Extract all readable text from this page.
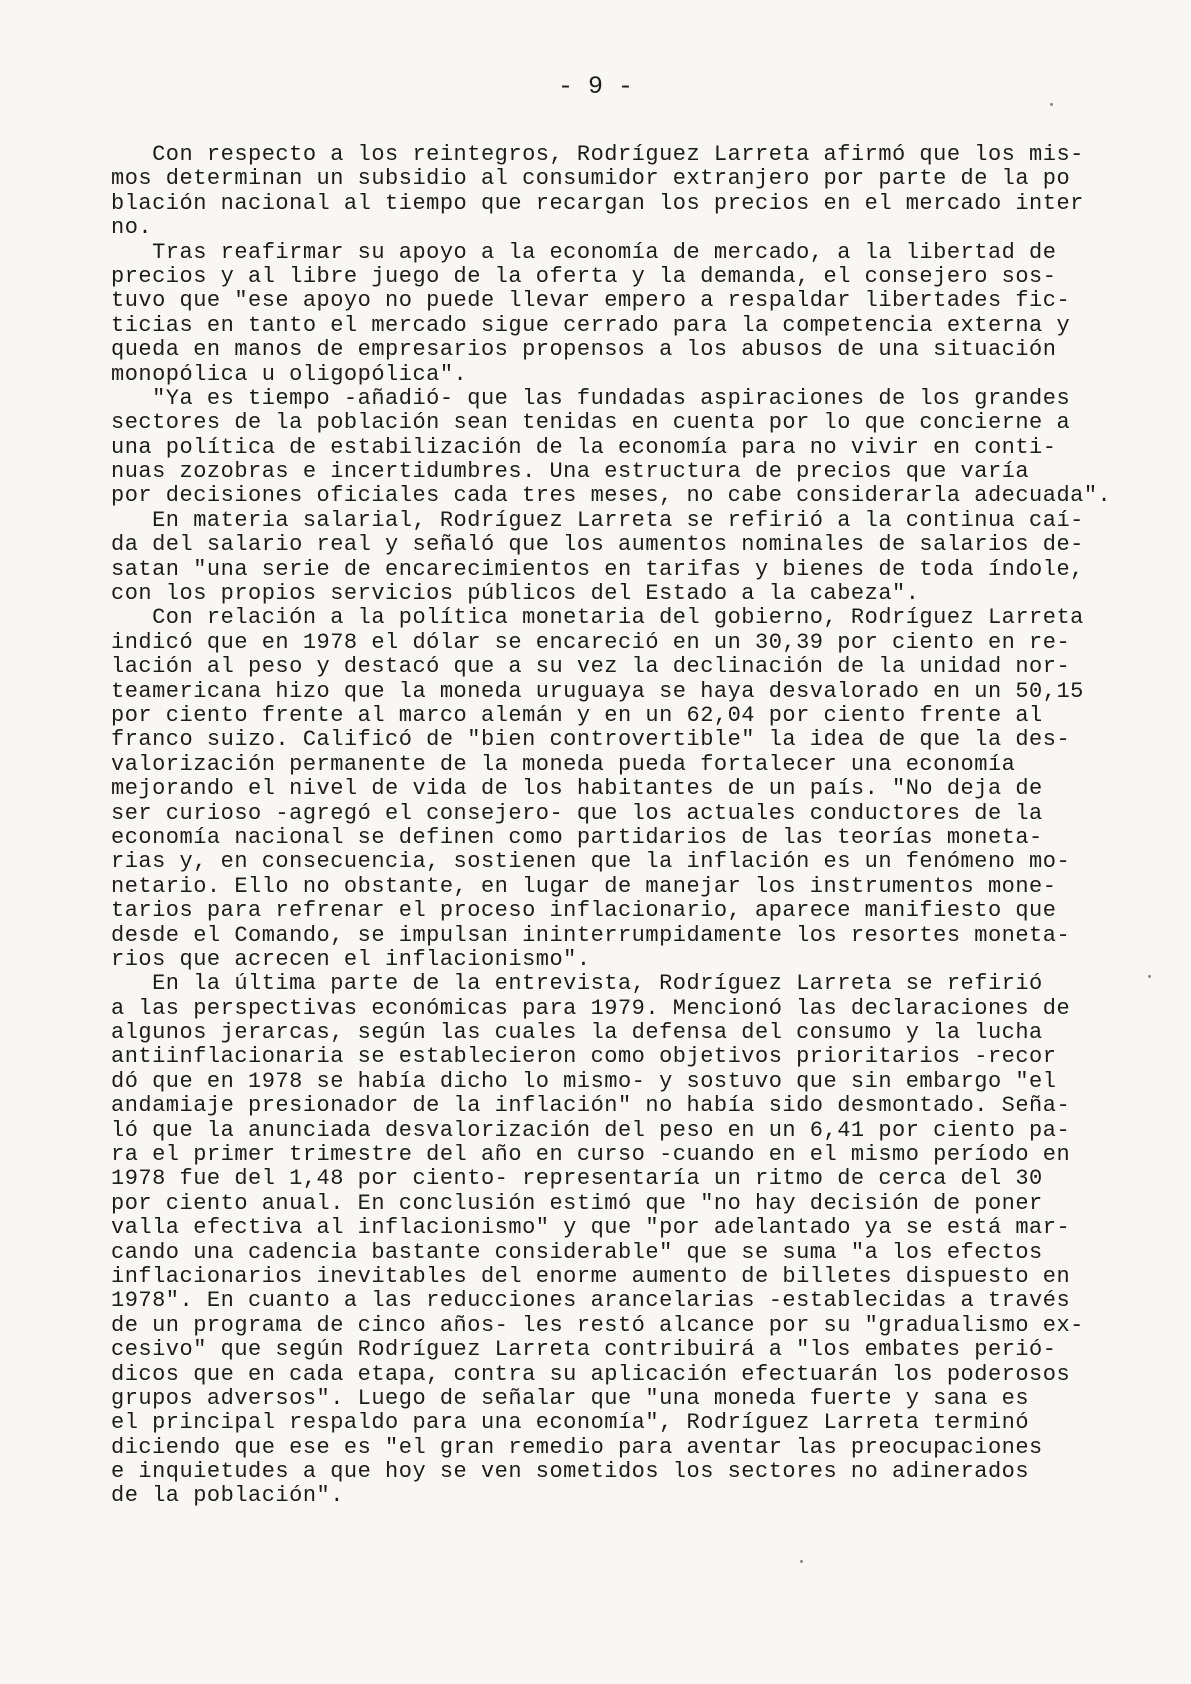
- 9 -
Con respecto a los reintegros, Rodríguez Larreta afirmó que los mis-
mos determinan un subsidio al consumidor extranjero por parte de la po
blación nacional al tiempo que recargan los precios en el mercado inter
no.
Tras reafirmar su apoyo a la economía de mercado, a la libertad de
precios y al libre juego de la oferta y la demanda, el consejero sos-
tuvo que "ese apoyo no puede llevar empero a respaldar libertades fic-
ticias en tanto el mercado sigue cerrado para la competencia externa y
queda en manos de empresarios propensos a los abusos de una situación
monopólica u oligopólica".
"Ya es tiempo -añadió- que las fundadas aspiraciones de los grandes
sectores de la población sean tenidas en cuenta por lo que concierne a
una política de estabilización de la economía para no vivir en conti-
nuas zozobras e incertidumbres. Una estructura de precios que varía
por decisiones oficiales cada tres meses, no cabe considerarla adecuada".
En materia salarial, Rodríguez Larreta se refirió a la continua caí-
da del salario real y señaló que los aumentos nominales de salarios de-
satan "una serie de encarecimientos en tarifas y bienes de toda índole,
con los propios servicios públicos del Estado a la cabeza".
Con relación a la política monetaria del gobierno, Rodríguez Larreta
indicó que en 1978 el dólar se encareció en un 30,39 por ciento en re-
lación al peso y destacó que a su vez la declinación de la unidad nor-
teamericana hizo que la moneda uruguaya se haya desvalorado en un 50,15
por ciento frente al marco alemán y en un 62,04 por ciento frente al
franco suizo. Calificó de "bien controvertible" la idea de que la des-
valorización permanente de la moneda pueda fortalecer una economía
mejorando el nivel de vida de los habitantes de un país. "No deja de
ser curioso -agregó el consejero- que los actuales conductores de la
economía nacional se definen como partidarios de las teorías moneta-
rias y, en consecuencia, sostienen que la inflación es un fenómeno mo-
netario. Ello no obstante, en lugar de manejar los instrumentos mone-
tarios para refrenar el proceso inflacionario, aparece manifiesto que
desde el Comando, se impulsan ininterrumpidamente los resortes moneta-
rios que acrecen el inflacionismo".
En la última parte de la entrevista, Rodríguez Larreta se refirió
a las perspectivas económicas para 1979. Mencionó las declaraciones de
algunos jerarcas, según las cuales la defensa del consumo y la lucha
antiinflacionaria se establecieron como objetivos prioritarios -recor
dó que en 1978 se había dicho lo mismo- y sostuvo que sin embargo "el
andamiaje presionador de la inflación" no había sido desmontado. Seña-
ló que la anunciada desvalorización del peso en un 6,41 por ciento pa-
ra el primer trimestre del año en curso -cuando en el mismo período en
1978 fue del 1,48 por ciento- representaría un ritmo de cerca del 30
por ciento anual. En conclusión estimó que "no hay decisión de poner
valla efectiva al inflacionismo" y que "por adelantado ya se está mar-
cando una cadencia bastante considerable" que se suma "a los efectos
inflacionarios inevitables del enorme aumento de billetes dispuesto en
1978". En cuanto a las reducciones arancelarias -establecidas a través
de un programa de cinco años- les restó alcance por su "gradualismo ex-
cesivo" que según Rodríguez Larreta contribuirá a "los embates perió-
dicos que en cada etapa, contra su aplicación efectuarán los poderosos
grupos adversos". Luego de señalar que "una moneda fuerte y sana es
el principal respaldo para una economía", Rodríguez Larreta terminó
diciendo que ese es "el gran remedio para aventar las preocupaciones
e inquietudes a que hoy se ven sometidos los sectores no adinerados
de la población".
